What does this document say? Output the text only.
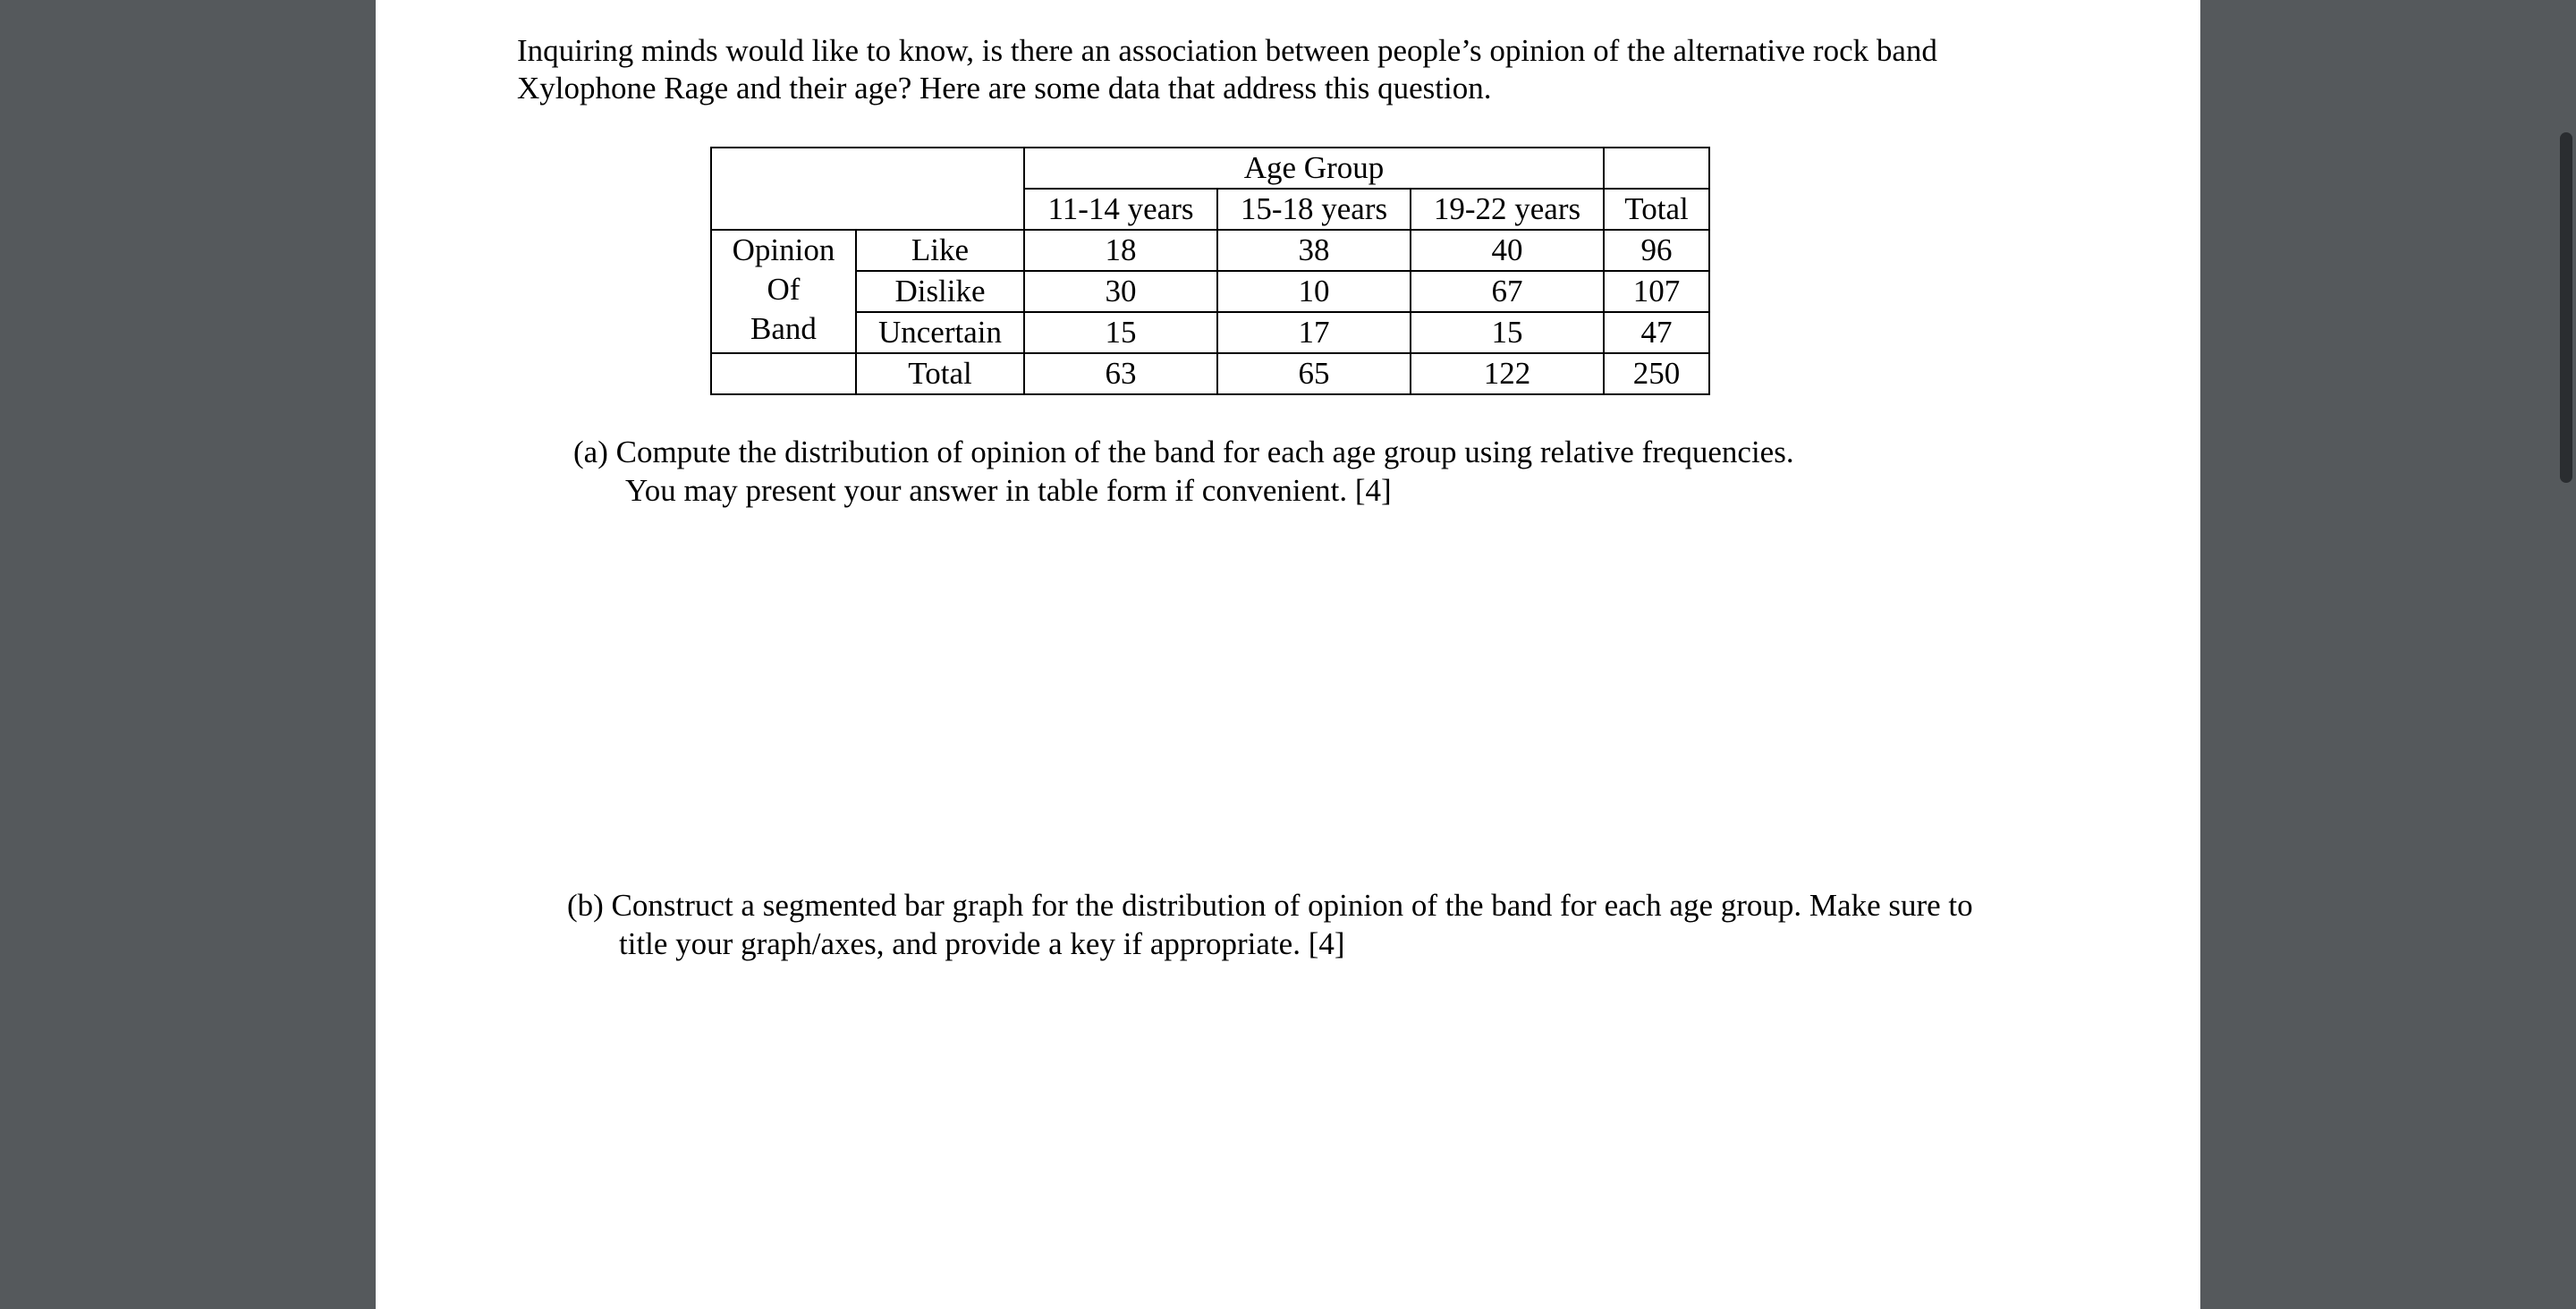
Inquiring minds would like to know, is there an association between people’s opinion of the alternative rock band
Xylophone Rage and their age? Here are some data that address this question.

		Age Group			
		11-14 years	15-18 years	19-22 years	Total
Opinion
Of
Band	Like	18	38	40	96
	Dislike	30	10	67	107
	Uncertain	15	17	15	47
	Total	63	65	122	250

(a) Compute the distribution of opinion of the band for each age group using relative frequencies.
You may present your answer in table form if convenient. [4]

(b) Construct a segmented bar graph for the distribution of opinion of the band for each age group. Make sure to
title your graph/axes, and provide a key if appropriate. [4]
